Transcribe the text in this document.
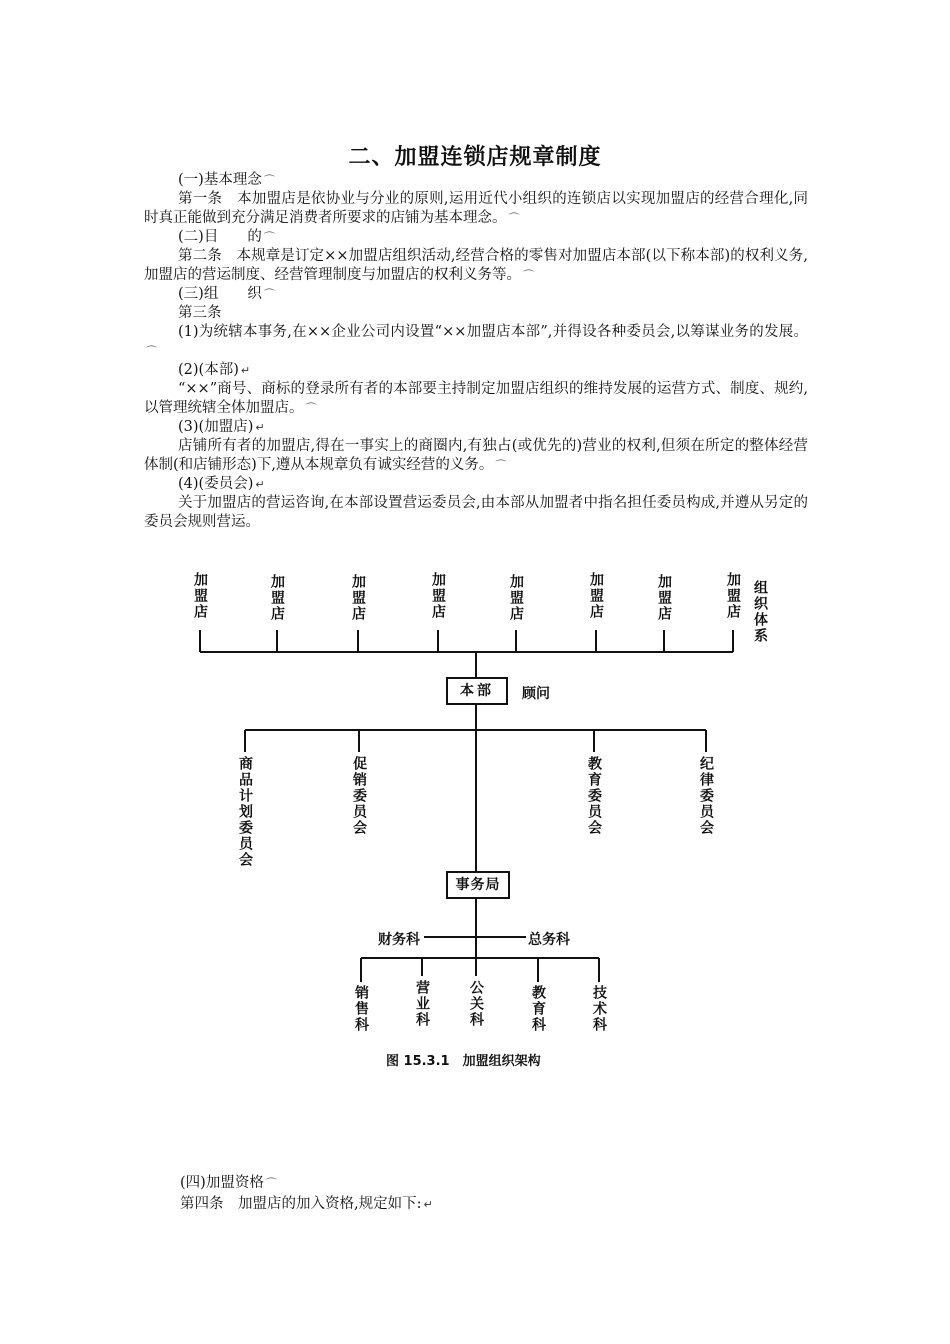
二、加盟连锁店规章制度

(一)基本理念 ⌒

第一条　本加盟店是依协业与分业的原则,运用近代小组织的连锁店以实现加盟店的经营合理化,同时真正能做到充分满足消费者所要求的店铺为基本理念。 ⌒

(二)目　　的 ⌒

第二条　本规章是订定××加盟店组织活动,经营合格的零售对加盟店本部(以下称本部)的权利义务,加盟店的营运制度、经营管理制度与加盟店的权利义务等。 ⌒

(三)组　　织 ⌒

第三条

(1)为统辖本事务,在××企业公司内设置“××加盟店本部”,并得设各种委员会,以筹谋业务的发展。⌒

(2)(本部) ↵

“××”商号、商标的登录所有者的本部要主持制定加盟店组织的维持发展的运营方式、制度、规约,以管理统辖全体加盟店。 ⌒

(3)(加盟店) ↵

店铺所有者的加盟店,得在一事实上的商圈内,有独占(或优先的)营业的权利,但须在所定的整体经营体制(和店铺形态)下,遵从本规章负有诚实经营的义务。 ⌒

(4)(委员会) ↵

关于加盟店的营运咨询,在本部设置营运委员会,由本部从加盟者中指名担任委员构成,并遵从另定的委员会规则营运。

加盟店	加盟店	加盟店	加盟店	加盟店	加盟店	加盟店	加盟店 组织体系
本部	顾问
商品计划委员会	促销委员会	教育委员会	纪律委员会
事务局
财务科	总务科
销售科	营业科	公关科	教育科	技术科
图 15.3.1　加盟组织架构
(四)加盟资格 ⌒
第四条　加盟店的加入资格,规定如下: ↵
